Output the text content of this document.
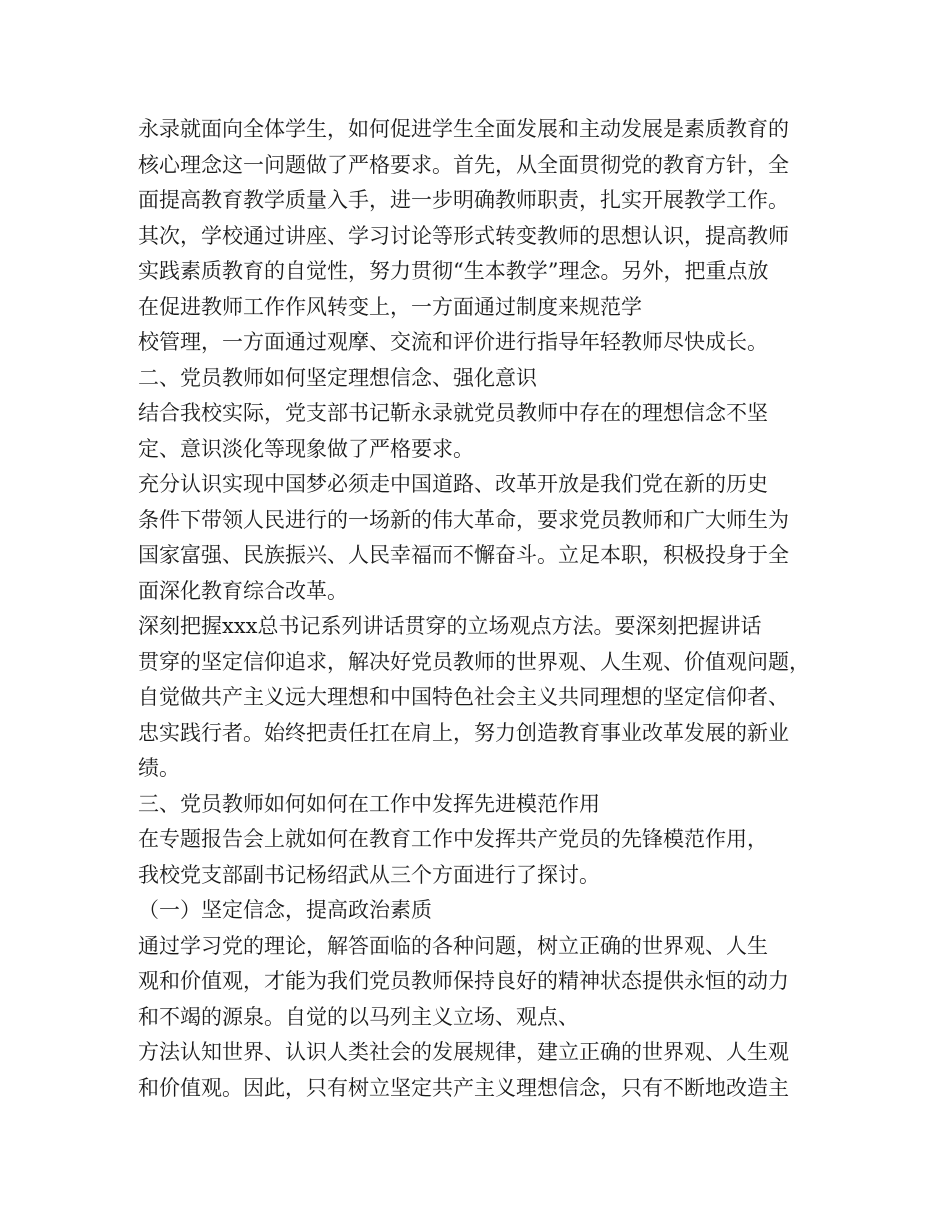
永录就面向全体学生，如何促进学生全面发展和主动发展是素质教育的
核心理念这一问题做了严格要求。首先，从全面贯彻党的教育方针，全
面提高教育教学质量入手，进一步明确教师职责，扎实开展教学工作。
其次，学校通过讲座、学习讨论等形式转变教师的思想认识，提高教师
实践素质教育的自觉性，努力贯彻“生本教学”理念。另外，把重点放
在促进教师工作作风转变上，一方面通过制度来规范学
校管理，一方面通过观摩、交流和评价进行指导年轻教师尽快成长。
二、党员教师如何坚定理想信念、强化意识
结合我校实际，党支部书记靳永录就党员教师中存在的理想信念不坚
定、意识淡化等现象做了严格要求。
充分认识实现中国梦必须走中国道路、改革开放是我们党在新的历史
条件下带领人民进行的一场新的伟大革命，要求党员教师和广大师生为
国家富强、民族振兴、人民幸福而不懈奋斗。立足本职，积极投身于全
面深化教育综合改革。
深刻把握xxx总书记系列讲话贯穿的立场观点方法。要深刻把握讲话
贯穿的坚定信仰追求，解决好党员教师的世界观、人生观、价值观问题，
自觉做共产主义远大理想和中国特色社会主义共同理想的坚定信仰者、
忠实践行者。始终把责任扛在肩上，努力创造教育事业改革发展的新业
绩。
三、党员教师如何如何在工作中发挥先进模范作用
在专题报告会上就如何在教育工作中发挥共产党员的先锋模范作用，
我校党支部副书记杨绍武从三个方面进行了探讨。
（一）坚定信念，提高政治素质
通过学习党的理论，解答面临的各种问题，树立正确的世界观、人生
观和价值观，才能为我们党员教师保持良好的精神状态提供永恒的动力
和不竭的源泉。自觉的以马列主义立场、观点、
方法认知世界、认识人类社会的发展规律，建立正确的世界观、人生观
和价值观。因此，只有树立坚定共产主义理想信念，只有不断地改造主
